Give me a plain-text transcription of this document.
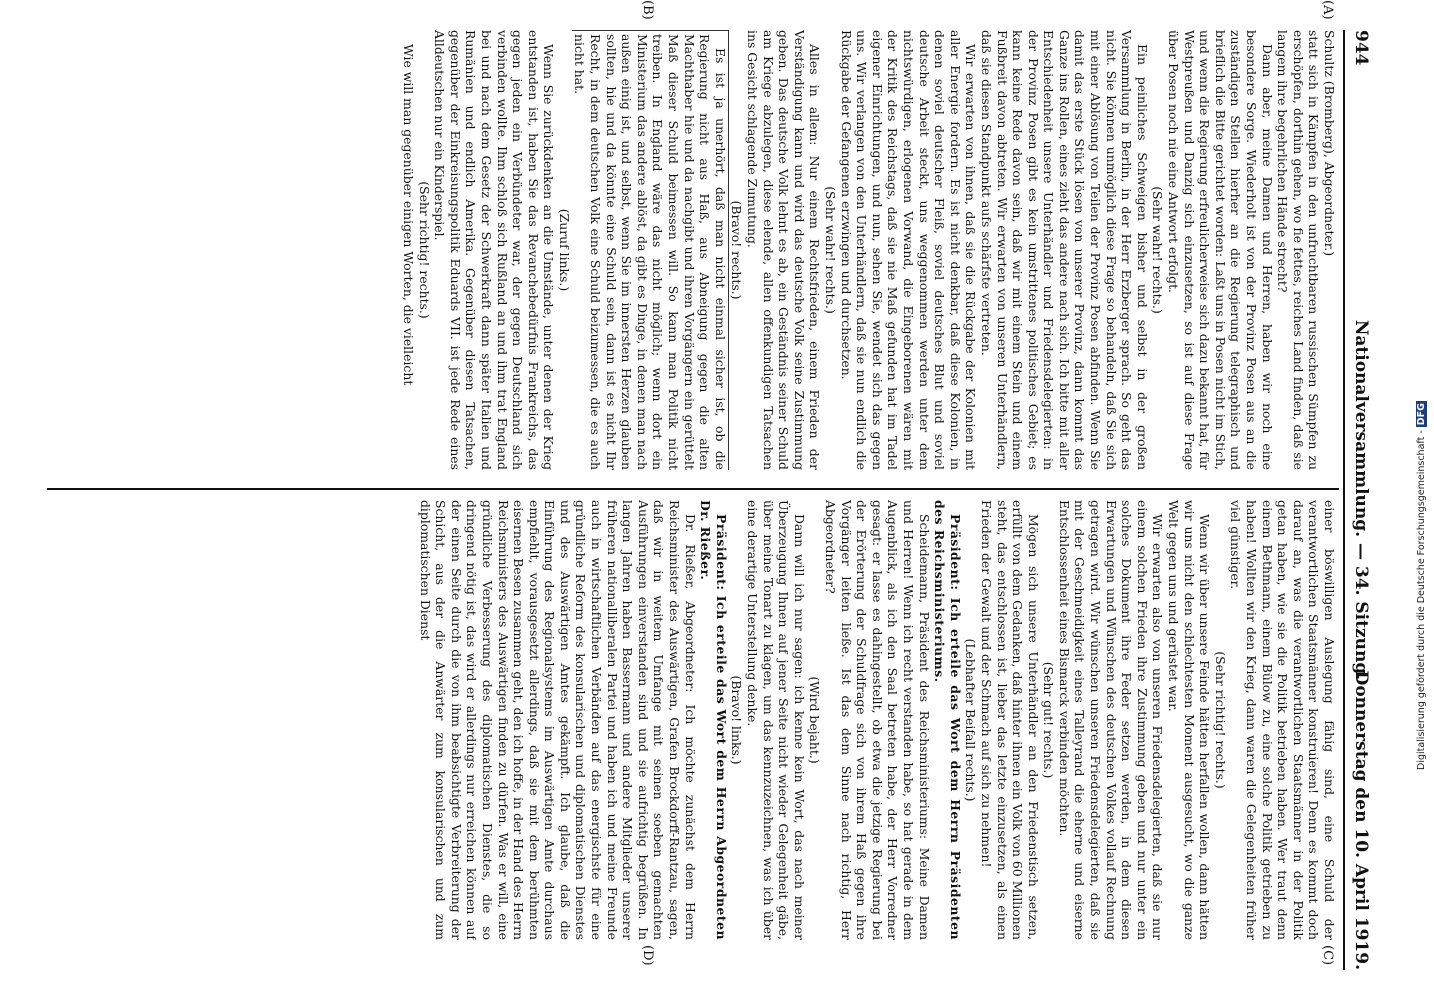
944
Nationalversammlung. — 34. Sitzung.
Donnerstag den 10. April 1919.
(A)
(B)
(C)
(D)

Schultz (Bromberg), Abgeordneter.)

statt sich in Kämpfen in den unfruchtbaren russischen Sümpfen zu erschöpfen, dorthin gehen, wo fie fettes, reiches Land finden, daß sie langem ihre begehrlichen Hände strecht?

Dann aber, meine Damen und Herren, haben wir noch eine besondere Sorge. Wiederholt ist von der Provinz Posen aus an die zuständigen Stellen hierher an die Regierung telegraphisch und brieflich die Bitte gerichtet worden: Laßt uns in Posen nicht im Stich, und wenn die Regierung erfreulicherweise sich dazu bekannt hat, für Westpreußen und Danzig sich einzusetzen, so ist auf diese Frage über Posen noch nie eine Antwort erfolgt.

(Sehr wahr! rechts.)

Ein peinliches Schweigen bisher und selbst in der großen Versammlung in Berlin, in der Herr Erzberger sprach. So geht das nicht. Sie können unmöglich diese Frage so behandeln, daß Sie sich mit einer Ablösung von Teilen der Provinz Posen abfinden. Wenn Sie damit das erste Stück lösen von unserer Provinz, dann kommt das Ganze ins Rollen, eines zieht das andere nach sich. Ich bitte mit aller Entschiedenheit unsere Unterhändler und Friedensdelegierten: in der Provinz Posen gibt es kein umstrittenes politisches Gebiet; es kann keine Rede davon sein, daß wir mit einem Stein und einem Fußbreit davon abtreten. Wir erwarten von unseren Unterhändlern, daß sie diesen Standpunkt aufs schärfste vertreten.

Wir erwarten von ihnen, daß sie die Rückgabe der Kolonien mit aller Energie fordern. Es ist nicht denkbar, daß diese Kolonien, in denen soviel deutscher Fleiß, soviel deutsches Blut und soviel deutsche Arbeit steckt, uns weggenommen werden unter dem nichtswürdigen, erlogenen Vorwand, die Eingeborenen wären mit der Kritik des Reichstags, daß sie nie Maß gefunden hat im Tadel eigener Einrichtungen, und nun, sehen Sie, wendet sich das gegen uns. Wir verlangen von den Unterhändlern, daß sie nun endlich die Rückgabe der Gefangenen erzwingen und durchsetzen.

(Sehr wahr! rechts.)

Alles in allem: Nur einem Rechtsfrieden, einem Frieden der Verständigung kann und wird das deutsche Volk seine Zustimmung geben. Das deutsche Volk lehnt es ab, ein Geständnis seiner Schuld am Kriege abzulegen, diese elende, allen offenkundigen Tatsachen ins Gesicht schlagende Zumutung.

(Bravo! rechts.)

Es ist ja unerhört, daß man nicht einmal sicher ist, ob die Regierung nicht aus Haß, aus Abneigung gegen die alten Machthaber hie und da nachgibt und ihren Vorgängern ein gerüttelt Maß dieser Schuld beimessen will. So kann man Politik nicht treiben. In England wäre das nicht möglich; wenn dort ein Ministerium das andere ablöst, da gibt es Dinge, in denen man nach außen einig ist, und selbst, wenn Sie im innersten Herzen glauben sollten, hie und da könnte eine Schuld sein, dann ist es nicht Ihr Recht, in dem deutschen Volk eine Schuld beizumessen, die es auch nicht hat.

(Zuruf links.)

Wenn Sie zurückdenken an die Umstände, unter denen der Krieg entstanden ist, haben Sie das Revanchebedürfnis Frankreichs, das gegen jeden ein Verbündeter war, der gegen Deutschland sich verbinden wollte. Ihm schloß sich Rußland an und ihm trat England bei und nach dem Gesetz der Schwerkraft dann später Italien und Rumänien und endlich Amerika. Gegenüber diesen Tatsachen, gegenüber der Einkreisungspolitik Eduards VII. ist jede Rede eines Alldeutschen nur ein Kinderspiel.

(Sehr richtig! rechts.)

Wie will man gegenüber einigen Worten, die vielleicht

einer böswilligen Auslegung fähig sind, eine Schuld der verantwortlichen Staatsmänner konstruieren! Denn es kommt doch darauf an, was die verantwortlichen Staatsmänner in der Politik getan haben, wie sie die Politik betrieben haben. Wer traut denn einem Bethmann, einem Bülow zu, eine solche Politik getrieben zu haben! Wollten wir den Krieg, dann waren die Gelegenheiten früher viel günstiger.

(Sehr richtig! rechts.)

Wenn wir über unsere Feinde hätten herfallen wollen, dann hätten wir uns nicht den schlechtesten Moment ausgesucht, wo die ganze Welt gegen uns und gerüstet war.

Wir erwarten also von unseren Friedensdelegierten, daß sie nur einem solchen Frieden ihre Zustimmung geben und nur unter ein solches Dokument ihre Feder setzen werden, in dem diesen Erwartungen und Wünschen des deutschen Volkes vollauf Rechnung getragen wird. Wir wünschen unseren Friedensdelegierten, daß sie mit der Geschmeidigkeit eines Talleyrand die eherne und eiserne Entschlossenheit eines Bismarck verbinden möchten.

(Sehr gut! rechts.)

Mögen sich unsere Unterhändler an den Friedenstisch setzen, erfüllt von dem Gedanken, daß hinter ihnen ein Volk von 60 Millionen steht, das entschlossen ist, lieber das letzte einzusetzen, als einen Frieden der Gewalt und der Schmach auf sich zu nehmen!

(Lebhafter Beifall rechts.)

Präsident: Ich erteile das Wort dem Herrn Präsidenten des Reichsministeriums.

Scheidemann, Präsident des Reichsministeriums: Meine Damen und Herren! Wenn ich recht verstanden habe, so hat gerade in dem Augenblick, als ich den Saal betreten habe, der Herr Vorredner gesagt: er lasse es dahingestellt, ob etwa die jetzige Regierung bei der Erörterung der Schuldfrage sich von ihrem Haß gegen ihre Vorgänger leiten ließe. Ist das dem Sinne nach richtig, Herr Abgeordneter?

(Wird bejaht.)

Dann will ich nur sagen: ich kenne kein Wort, das nach meiner Überzeugung Ihnen auf jener Seite nicht wieder Gelegenheit gäbe, über meine Tonart zu klagen, um das kennzuzeichnen, was ich über eine derartige Unterstellung denke.

(Bravo! links.)

Präsident: Ich erteile das Wort dem Herrn Abgeordneten Dr. Rießer.

Dr. Rießer, Abgeordneter: Ich möchte zunächst dem Herrn Reichsminister des Auswärtigen, Grafen Brockdorff-Rantzau, sagen, daß wir in weitem Umfange mit seinen soeben gemachten Ausführungen einverstanden sind und sie aufrichtig begrüßen. In langen Jahren haben Bassermann und andere Mitglieder unserer früheren nationalliberalen Partei und haben ich und meine Freunde auch in wirtschaftlichen Verbänden auf das energischste für eine gründliche Reform des konsularischen und diplomatischen Dienstes und des Auswärtigen Amtes gekämpft. Ich glaube, daß die Einführung des Regionalsystems im Auswärtigen Amte durchaus empfiehlt, vorausgesetzt allerdings, daß sie mit dem berühmten eisernen Besen zusammen geht, den ich hoffe, in der Hand des Herrn Reichsministers des Auswärtigen finden zu dürfen. Was er will, eine gründliche Verbesserung des diplomatischen Dienstes, die so dringend nötig ist, das wird er allerdings nur erreichen können auf der einen Seite durch die von ihm beabsichtigte Verbreiterung der Schicht, aus der die Anwärter zum konsularischen und zum diplomatischen Dienst	Digitalisierung gefördert durch die Deutsche Forschungsgemeinschaft - DFG
